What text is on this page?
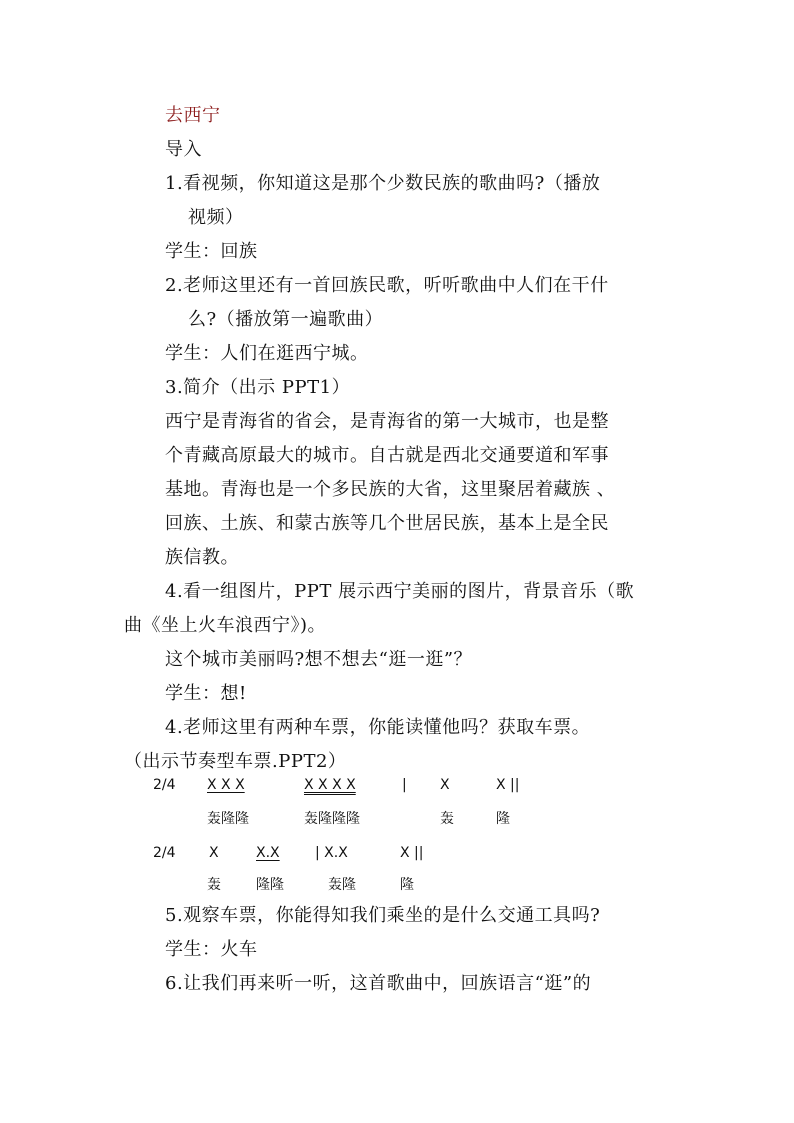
去西宁
导入
1.看视频，你知道这是那个少数民族的歌曲吗?（播放
视频）
学生：回族
2.老师这里还有一首回族民歌，听听歌曲中人们在干什
么?（播放第一遍歌曲）
学生：人们在逛西宁城。
3.简介（出示 PPT1）
西宁是青海省的省会，是青海省的第一大城市，也是整
个青藏高原最大的城市。自古就是西北交通要道和军事
基地。青海也是一个多民族的大省，这里聚居着藏族 、
回族、土族、和蒙古族等几个世居民族，基本上是全民
族信教。
4.看一组图片，PPT 展示西宁美丽的图片，背景音乐（歌
曲《坐上火车浪西宁》)。
这个城市美丽吗?想不想去“逛一逛”？
学生：想!
4.老师这里有两种车票，你能读懂他吗？获取车票。
（出示节奏型车票.PPT2）
2/4 X X X	X X X X	| X	X ||
轰隆隆	轰隆隆隆	轰	隆
2/4 X	X.X	| X.X	X ||
轰	隆隆	轰隆	隆
5.观察车票，你能得知我们乘坐的是什么交通工具吗?
学生：火车
6.让我们再来听一听，这首歌曲中，回族语言“逛”的
